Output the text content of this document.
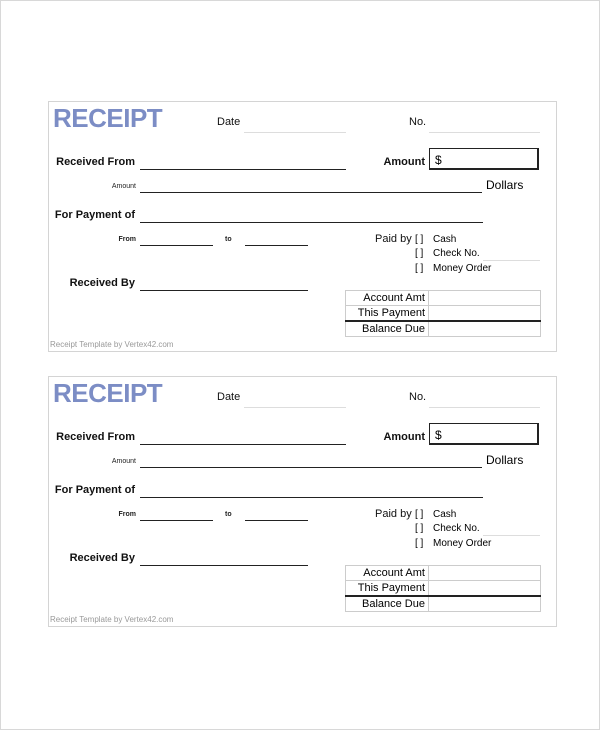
RECEIPT	Date	No.
Received From	Amount $
Amount	Dollars
For Payment of
From	to	Paid by [ ] Cash
[ ] Check No.
[ ] Money Order
Received By
Account Amt	
This Payment	
Balance Due	
Receipt Template by Vertex42.com
RECEIPT	Date	No.
Received From	Amount $
Amount	Dollars
For Payment of
From	to	Paid by [ ] Cash
[ ] Check No.
[ ] Money Order
Received By
Account Amt	
This Payment	
Balance Due	
Receipt Template by Vertex42.com
